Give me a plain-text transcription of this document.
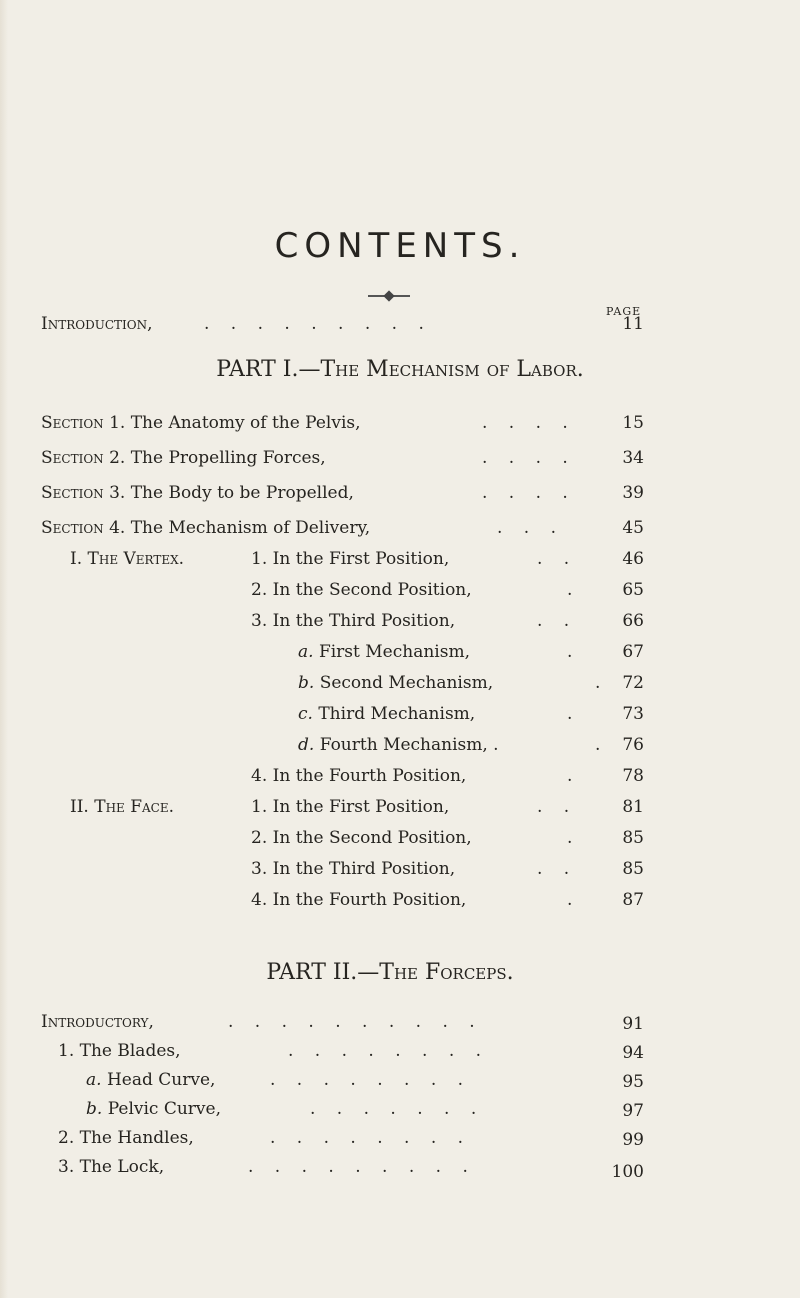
CONTENTS.
PAGE
Introduction,	. . . . . . . . .	11
PART I.—The Mechanism of Labor.
Section 1. The Anatomy of the Pelvis,	. . . .	15
Section 2. The Propelling Forces,	. . . .	34
Section 3. The Body to be Propelled,	. . . .	39
Section 4. The Mechanism of Delivery,	. . .	45
I. The Vertex.	1. In the First Position,	. .	46
2. In the Second Position,	.	65
3. In the Third Position,	. .	66
a. First Mechanism,	.	67
b. Second Mechanism,	. 72
c. Third Mechanism,	.	73
d. Fourth Mechanism, .	. 76
4. In the Fourth Position,	.	78
II. The Face.	1. In the First Position,	. .	81
2. In the Second Position,	.	85
3. In the Third Position,	. .	85
4. In the Fourth Position,	.	87
PART II.—The Forceps.
Introductory,	. . . . . . . . . .	91
1. The Blades,	. . . . . . . .	94
a. Head Curve,	. . . . . . . .	95
b. Pelvic Curve,	. . . . . . .	97
2. The Handles,	. . . . . . . .	99
3. The Lock,	. . . . . . . . .	100
